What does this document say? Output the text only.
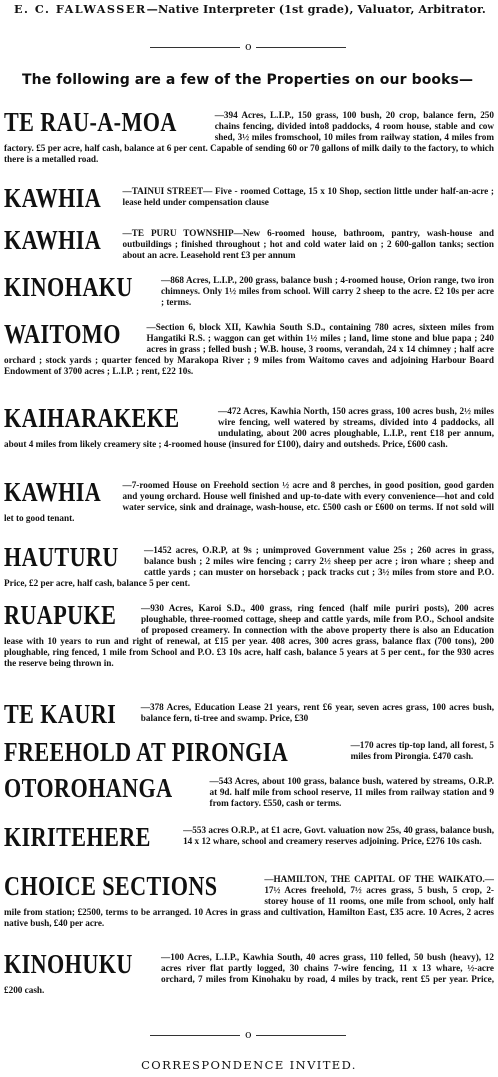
E. C. FALWASSER—Native Interpreter (1st grade), Valuator, Arbitrator.
o
The following are a few of the Properties on our books—
TE RAU-A-MOA	—394 Acres, L.I.P., 150 grass, 100 bush, 20 crop, balance fern, 250 chains fencing, divided into8 paddocks, 4 room house, stable and cow shed, 3½ miles fromschool, 10 miles from railway station, 4 miles from factory. £5 per acre, half cash, balance at 6 per cent. Capable of sending 60 or 70 gallons of milk daily to the factory, to which there is a metalled road.
KAWHIA —TAINUI STREET— Five - roomed Cottage, 15 x 10 Shop, section little under half-an-acre ; lease held under compensation clause
KAWHIA —TE PURU TOWNSHIP—New 6-roomed house, bathroom, pantry, wash-house and outbuildings ; finished throughout ; hot and cold water laid on ; 2 600-gallon tanks; section about an acre. Leasehold rent £3 per annum
KINOHAKU	—868 Acres, L.I.P., 200 grass, balance bush ; 4-roomed house, Orion range, two iron chimneys. Only 1½ miles from school. Will carry 2 sheep to the acre. £2 10s per acre ; terms.
WAITOMO	—Section 6, block XII, Kawhia South S.D., containing 780 acres, sixteen miles from Hangatiki R.S. ; waggon can get within 1½ miles ; land, lime stone and blue papa ; 240 acres in grass ; felled bush ; W.B. house, 3 rooms, verandah, 24 x 14 chimney ; half acre orchard ; stock yards ; quarter fenced by Marakopa River ; 9 miles from Waitomo caves and adjoining Harbour Board Endowment of 3700 acres ; L.I.P. ; rent, £22 10s.
KAIHARAKEKE	—472 Acres, Kawhia North, 150 acres grass, 100 acres bush, 2½ miles wire fencing, well watered by streams, divided into 4 paddocks, all undulating, about 200 acres ploughable, L.I.P., rent £18 per annum, about 4 miles from likely creamery site ; 4-roomed house (insured for £100), dairy and outsheds. Price, £600 cash.
KAWHIA —7-roomed House on Freehold section ½ acre and 8 perches, in good position, good garden and young orchard. House well finished and up-to-date with every convenience—hot and cold water service, sink and drainage, wash-house, etc. £500 cash or £600 on terms. If not sold will let to good tenant.
HAUTURU	—1452 acres, O.R.P, at 9s ; unimproved Government value 25s ; 260 acres in grass, balance bush ; 2 miles wire fencing ; carry 2½ sheep per acre ; iron whare ; sheep and cattle yards ; can muster on horseback ; pack tracks cut ; 3½ miles from store and P.O. Price, £2 per acre, half cash, balance 5 per cent.
RUAPUKE	—930 Acres, Karoi S.D., 400 grass, ring fenced (half mile puriri posts), 200 acres ploughable, three-roomed cottage, sheep and cattle yards, mile from P.O., School andsite of proposed creamery. In connection with the above property there is also an Education lease with 10 years to run and right of renewal, at £15 per year. 408 acres, 300 acres grass, balance flax (700 tons), 200 ploughable, ring fenced, 1 mile from School and P.O. £3 10s acre, half cash, balance 5 years at 5 per cent., for the 930 acres the reserve being thrown in.
TE KAURI	—378 Acres, Education Lease 21 years, rent £6 year, seven acres grass, 100 acres bush, balance fern, ti-tree and swamp. Price, £30
FREEHOLD AT PIRONGIA	—170 acres tip-top land, all forest, 5 miles from Pirongia. £470 cash.
OTOROHANGA	—543 Acres, about 100 grass, balance bush, watered by streams, O.R.P. at 9d. half mile from school reserve, 11 miles from railway station and 9 from factory. £550, cash or terms.
KIRITEHERE	—553 acres O.R.P., at £1 acre, Govt. valuation now 25s, 40 grass, balance bush, 14 x 12 whare, school and creamery reserves adjoining. Price, £276 10s cash.
CHOICE SECTIONS	—HAMILTON, THE CAPITAL OF THE WAIKATO.—17½ Acres freehold, 7½ acres grass, 5 bush, 5 crop, 2-storey house of 11 rooms, one mile from school, only half mile from station; £2500, terms to be arranged. 10 Acres in grass and cultivation, Hamilton East, £35 acre. 10 Acres, 2 acres native bush, £40 per acre.
KINOHUKU	—100 Acres, L.I.P., Kawhia South, 40 acres grass, 110 felled, 50 bush (heavy), 12 acres river flat partly logged, 30 chains 7-wire fencing, 11 x 13 whare, ½-acre orchard, 7 miles from Kinohaku by road, 4 miles by track, rent £5 per year. Price, £200 cash.
o
CORRESPONDENCE INVITED.
